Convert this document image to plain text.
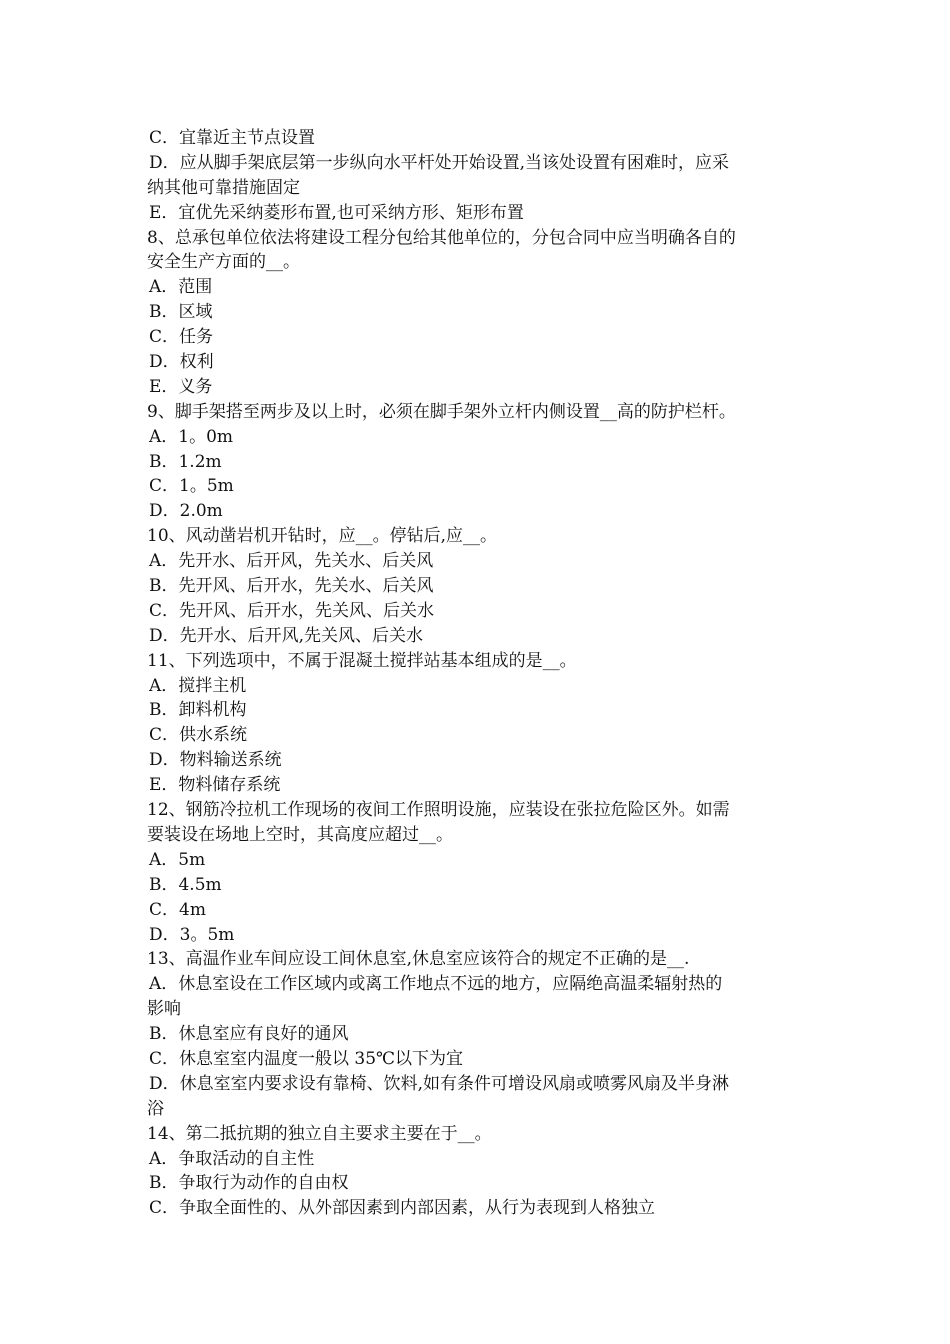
C．宜靠近主节点设置
D．应从脚手架底层第一步纵向水平杆处开始设置,当该处设置有困难时，应采
纳其他可靠措施固定
E．宜优先采纳菱形布置,也可采纳方形、矩形布置
8、总承包单位依法将建设工程分包给其他单位的，分包合同中应当明确各自的
安全生产方面的__。
A．范围
B．区域
C．任务
D．权利
E．义务
9、脚手架搭至两步及以上时，必须在脚手架外立杆内侧设置__高的防护栏杆。
A．1。0m
B．1.2m
C．1。5m
D．2.0m
10、风动凿岩机开钻时，应__。停钻后,应__。
A．先开水、后开风，先关水、后关风
B．先开风、后开水，先关水、后关风
C．先开风、后开水，先关风、后关水
D．先开水、后开风,先关风、后关水
11、下列选项中，不属于混凝土搅拌站基本组成的是__。
A．搅拌主机
B．卸料机构
C．供水系统
D．物料输送系统
E．物料储存系统
12、钢筋冷拉机工作现场的夜间工作照明设施，应装设在张拉危险区外。如需
要装设在场地上空时，其高度应超过__。
A．5m
B．4.5m
C．4m
D．3。5m
13、高温作业车间应设工间休息室,休息室应该符合的规定不正确的是__.
A．休息室设在工作区域内或离工作地点不远的地方，应隔绝高温柔辐射热的
影响
B．休息室应有良好的通风
C．休息室室内温度一般以 35℃以下为宜
D．休息室室内要求设有靠椅、饮料,如有条件可增设风扇或喷雾风扇及半身淋
浴
14、第二抵抗期的独立自主要求主要在于__。
A．争取活动的自主性
B．争取行为动作的自由权
C．争取全面性的、从外部因素到内部因素，从行为表现到人格独立
